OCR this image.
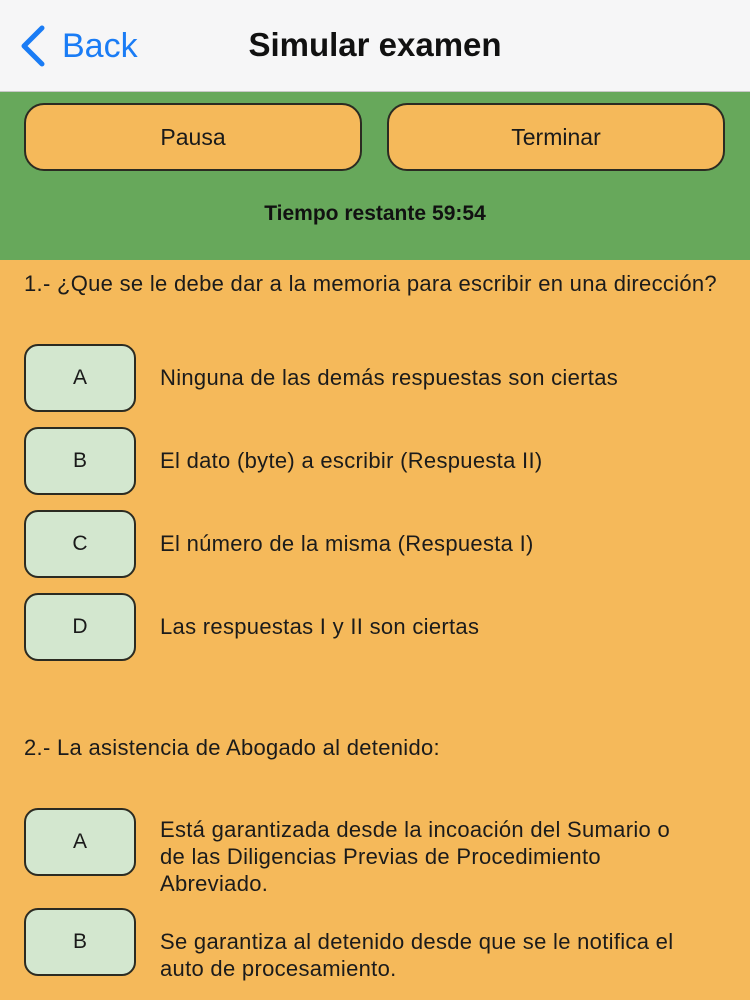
Back	Simular examen
Pausa	Terminar
Tiempo restante 59:54
1.- ¿Que se le debe dar a la memoria para escribir en una dirección?
A	Ninguna de las demás respuestas son ciertas
B	El dato (byte) a escribir (Respuesta II)
C	El número de la misma (Respuesta I)
D	Las respuestas I y II son ciertas
2.- La asistencia de Abogado al detenido:
A	Está garantizada desde la incoación del Sumario o de las Diligencias Previas de Procedimiento Abreviado.
B	Se garantiza al detenido desde que se le notifica el auto de procesamiento.
